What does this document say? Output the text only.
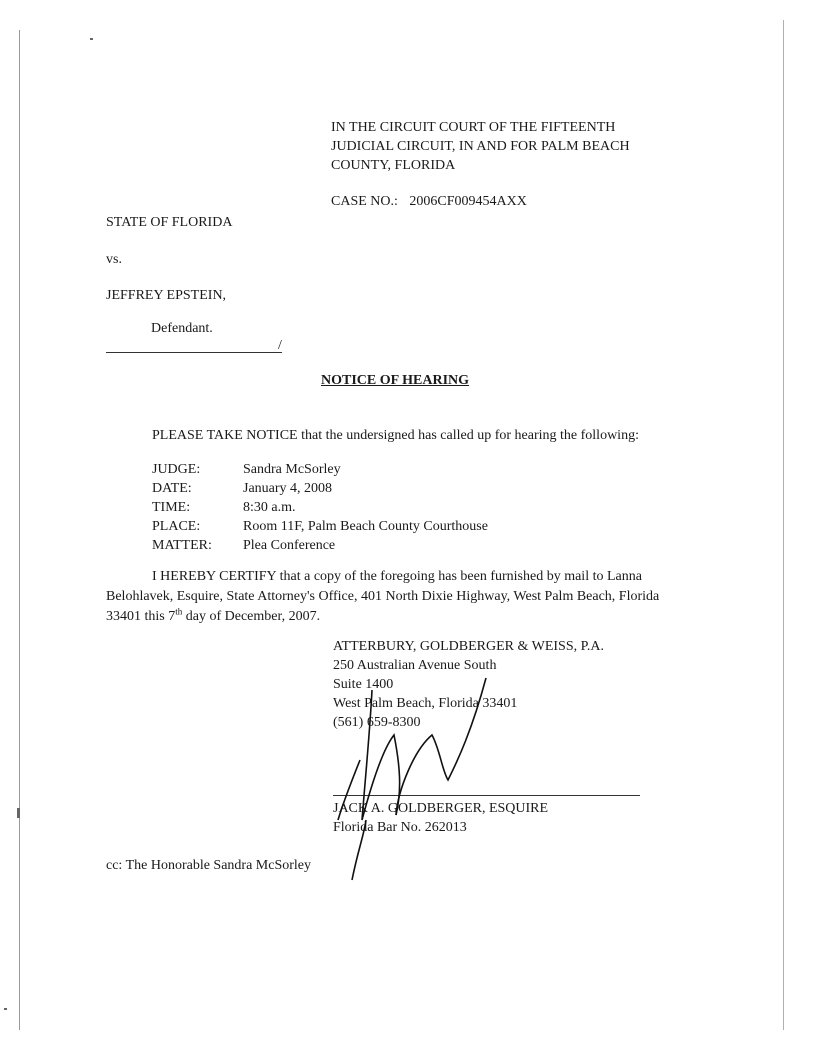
IN THE CIRCUIT COURT OF THE FIFTEENTH
JUDICIAL CIRCUIT, IN AND FOR PALM BEACH
COUNTY, FLORIDA
CASE NO.: 2006CF009454AXX
STATE OF FLORIDA
vs.
JEFFREY EPSTEIN,
Defendant.
/
NOTICE OF HEARING
PLEASE TAKE NOTICE that the undersigned has called up for hearing the following:
JUDGE:	Sandra McSorley
DATE:	January 4, 2008
TIME:	8:30 a.m.
PLACE:	Room 11F, Palm Beach County Courthouse
MATTER:	Plea Conference
I HEREBY CERTIFY that a copy of the foregoing has been furnished by mail to Lanna Belohlavek, Esquire, State Attorney's Office, 401 North Dixie Highway, West Palm Beach, Florida 33401 this 7th day of December, 2007.
ATTERBURY, GOLDBERGER & WEISS, P.A.
250 Australian Avenue South
Suite 1400
West Palm Beach, Florida 33401
(561) 659-8300
JACK A. GOLDBERGER, ESQUIRE
Florida Bar No. 262013
cc: The Honorable Sandra McSorley
